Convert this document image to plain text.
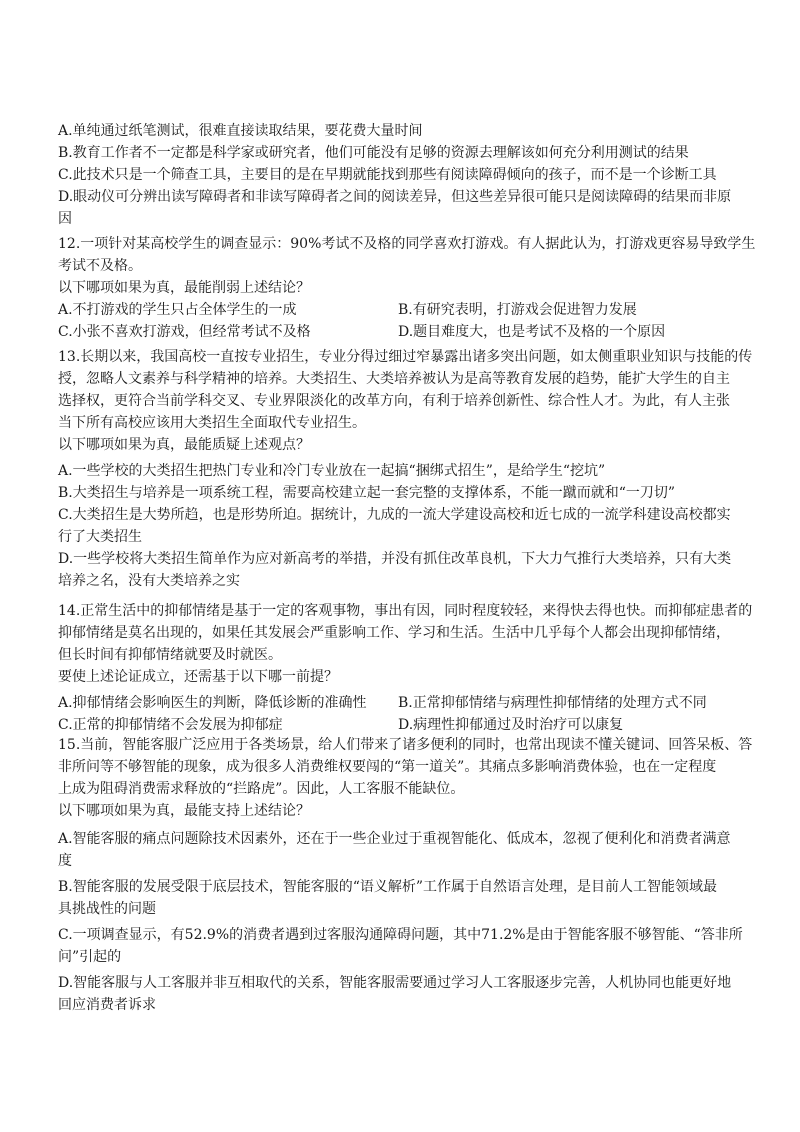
A.单纯通过纸笔测试，很难直接读取结果，要花费大量时间
B.教育工作者不一定都是科学家或研究者，他们可能没有足够的资源去理解该如何充分利用测试的结果
C.此技术只是一个筛查工具，主要目的是在早期就能找到那些有阅读障碍倾向的孩子，而不是一个诊断工具
D.眼动仪可分辨出读写障碍者和非读写障碍者之间的阅读差异，但这些差异很可能只是阅读障碍的结果而非原
因
12.一项针对某高校学生的调查显示：90%考试不及格的同学喜欢打游戏。有人据此认为，打游戏更容易导致学生
考试不及格。
以下哪项如果为真，最能削弱上述结论？
A.不打游戏的学生只占全体学生的一成	B.有研究表明，打游戏会促进智力发展
C.小张不喜欢打游戏，但经常考试不及格	D.题目难度大，也是考试不及格的一个原因
13.长期以来，我国高校一直按专业招生，专业分得过细过窄暴露出诸多突出问题，如太侧重职业知识与技能的传
授，忽略人文素养与科学精神的培养。大类招生、大类培养被认为是高等教育发展的趋势，能扩大学生的自主
选择权，更符合当前学科交叉、专业界限淡化的改革方向，有利于培养创新性、综合性人才。为此，有人主张
当下所有高校应该用大类招生全面取代专业招生。
以下哪项如果为真，最能质疑上述观点？
A.一些学校的大类招生把热门专业和冷门专业放在一起搞“捆绑式招生”，是给学生“挖坑”
B.大类招生与培养是一项系统工程，需要高校建立起一套完整的支撑体系，不能一蹴而就和“一刀切”
C.大类招生是大势所趋，也是形势所迫。据统计，九成的一流大学建设高校和近七成的一流学科建设高校都实
行了大类招生
D.一些学校将大类招生简单作为应对新高考的举措，并没有抓住改革良机，下大力气推行大类培养，只有大类
培养之名，没有大类培养之实
14.正常生活中的抑郁情绪是基于一定的客观事物，事出有因，同时程度较轻，来得快去得也快。而抑郁症患者的
抑郁情绪是莫名出现的，如果任其发展会严重影响工作、学习和生活。生活中几乎每个人都会出现抑郁情绪，
但长时间有抑郁情绪就要及时就医。
要使上述论证成立，还需基于以下哪一前提？
A.抑郁情绪会影响医生的判断，降低诊断的准确性 B.正常抑郁情绪与病理性抑郁情绪的处理方式不同
C.正常的抑郁情绪不会发展为抑郁症	D.病理性抑郁通过及时治疗可以康复
15.当前，智能客服广泛应用于各类场景，给人们带来了诸多便利的同时，也常出现读不懂关键词、回答呆板、答
非所问等不够智能的现象，成为很多人消费维权要闯的“第一道关”。其痛点多影响消费体验，也在一定程度
上成为阻碍消费需求释放的“拦路虎”。因此，人工客服不能缺位。
以下哪项如果为真，最能支持上述结论？
A.智能客服的痛点问题除技术因素外，还在于一些企业过于重视智能化、低成本，忽视了便利化和消费者满意
度
B.智能客服的发展受限于底层技术，智能客服的“语义解析”工作属于自然语言处理，是目前人工智能领域最
具挑战性的问题
C.一项调查显示，有52.9%的消费者遇到过客服沟通障碍问题，其中71.2%是由于智能客服不够智能、“答非所
问”引起的
D.智能客服与人工客服并非互相取代的关系，智能客服需要通过学习人工客服逐步完善，人机协同也能更好地
回应消费者诉求
